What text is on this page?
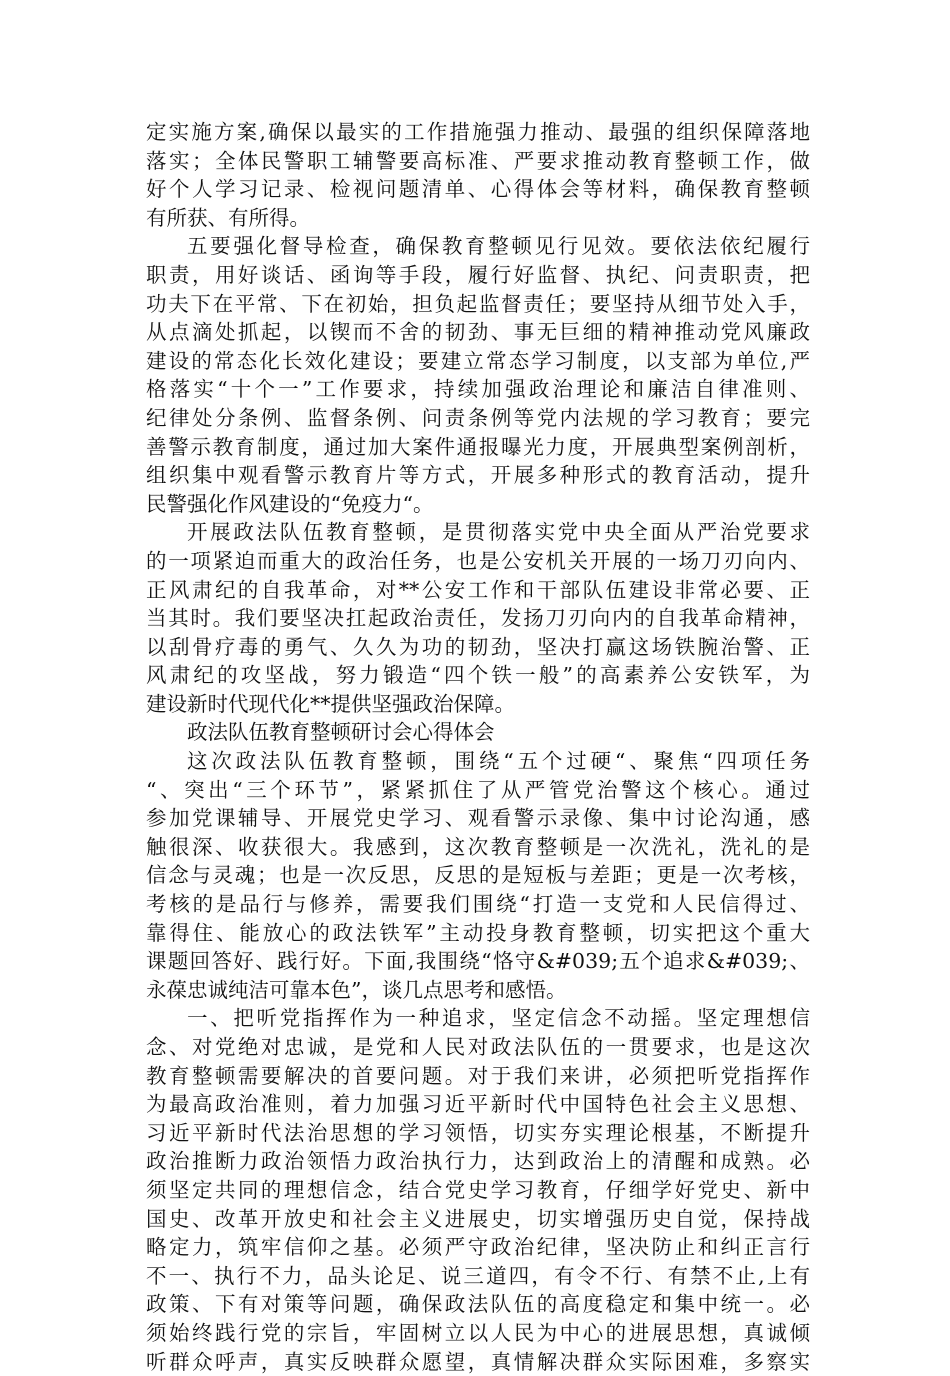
定实施方案,确保以最实的工作措施强力推动、最强的组织保障落地
落实；全体民警职工辅警要高标准、严要求推动教育整顿工作，做
好个人学习记录、检视问题清单、心得体会等材料，确保教育整顿
有所获、有所得。
五要强化督导检查，确保教育整顿见行见效。要依法依纪履行
职责，用好谈话、函询等手段，履行好监督、执纪、问责职责，把
功夫下在平常、下在初始，担负起监督责任；要坚持从细节处入手，
从点滴处抓起，以锲而不舍的韧劲、事无巨细的精神推动党风廉政
建设的常态化长效化建设；要建立常态学习制度，以支部为单位,严
格落实“十个一”工作要求，持续加强政治理论和廉洁自律准则、
纪律处分条例、监督条例、问责条例等党内法规的学习教育；要完
善警示教育制度，通过加大案件通报曝光力度，开展典型案例剖析，
组织集中观看警示教育片等方式，开展多种形式的教育活动，提升
民警强化作风建设的“免疫力“。
开展政法队伍教育整顿，是贯彻落实党中央全面从严治党要求
的一项紧迫而重大的政治任务，也是公安机关开展的一场刀刃向内、
正风肃纪的自我革命，对**公安工作和干部队伍建设非常必要、正
当其时。我们要坚决扛起政治责任，发扬刀刃向内的自我革命精神，
以刮骨疗毒的勇气、久久为功的韧劲，坚决打赢这场铁腕治警、正
风肃纪的攻坚战，努力锻造“四个铁一般”的高素养公安铁军，为
建设新时代现代化**提供坚强政治保障。
政法队伍教育整顿研讨会心得体会
这次政法队伍教育整顿，围绕“五个过硬“、聚焦“四项任务
“、突出“三个环节”，紧紧抓住了从严管党治警这个核心。通过
参加党课辅导、开展党史学习、观看警示录像、集中讨论沟通，感
触很深、收获很大。我感到，这次教育整顿是一次洗礼，洗礼的是
信念与灵魂；也是一次反思，反思的是短板与差距；更是一次考核，
考核的是品行与修养，需要我们围绕“打造一支党和人民信得过、
靠得住、能放心的政法铁军”主动投身教育整顿，切实把这个重大
课题回答好、践行好。下面,我围绕“恪守&#039;五个追求&#039;、
永葆忠诚纯洁可靠本色”，谈几点思考和感悟。
一、把听党指挥作为一种追求，坚定信念不动摇。坚定理想信
念、对党绝对忠诚，是党和人民对政法队伍的一贯要求，也是这次
教育整顿需要解决的首要问题。对于我们来讲，必须把听党指挥作
为最高政治准则，着力加强习近平新时代中国特色社会主义思想、
习近平新时代法治思想的学习领悟，切实夯实理论根基，不断提升
政治推断力政治领悟力政治执行力，达到政治上的清醒和成熟。必
须坚定共同的理想信念，结合党史学习教育，仔细学好党史、新中
国史、改革开放史和社会主义进展史，切实增强历史自觉，保持战
略定力，筑牢信仰之基。必须严守政治纪律，坚决防止和纠正言行
不一、执行不力，品头论足、说三道四，有令不行、有禁不止,上有
政策、下有对策等问题，确保政法队伍的高度稳定和集中统一。必
须始终践行党的宗旨，牢固树立以人民为中心的进展思想，真诚倾
听群众呼声，真实反映群众愿望，真情解决群众实际困难，多察实
